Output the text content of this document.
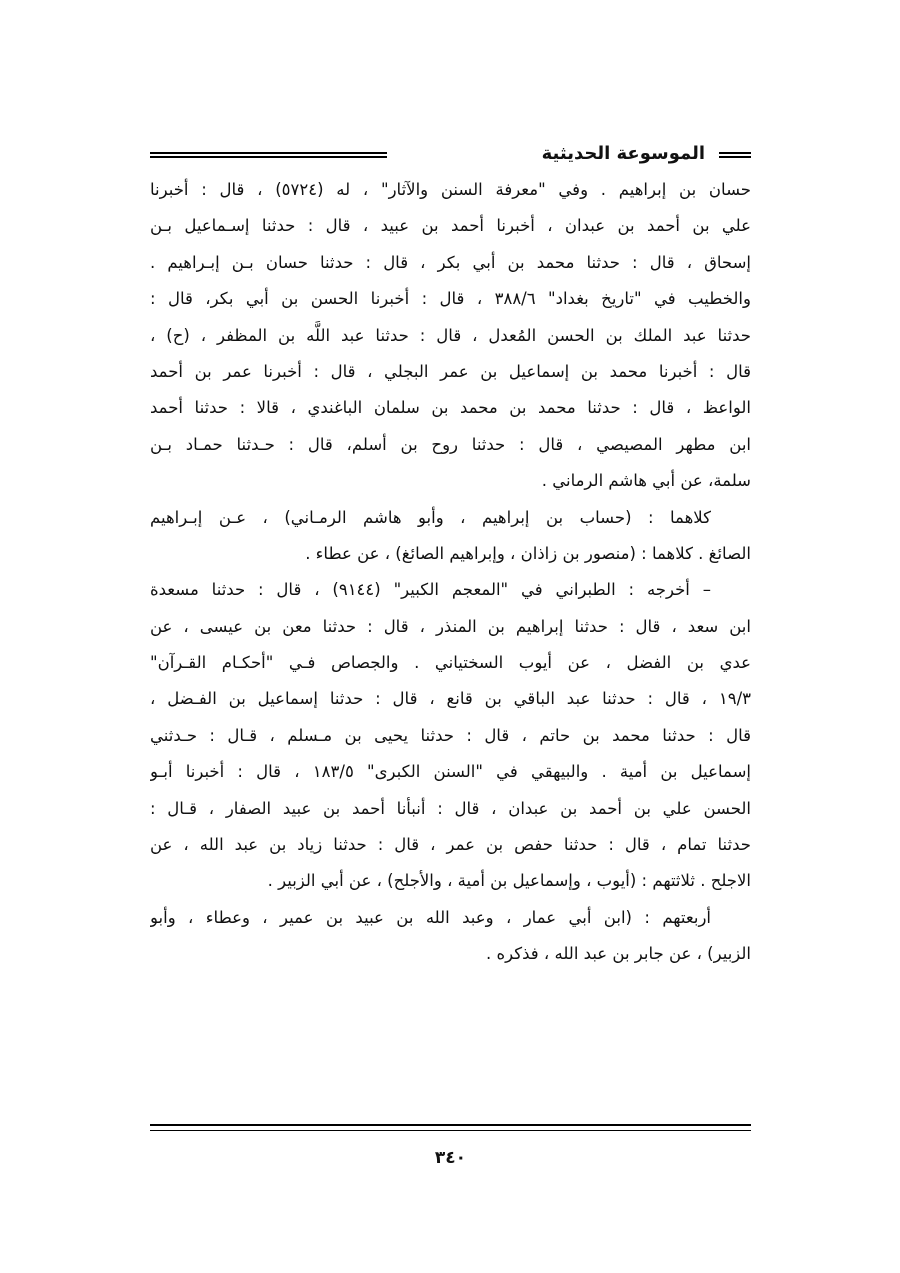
الموسوعة الحديثية
حسان بن إبراهيم . وفي "معرفة السنن والآثار" ، له (٥٧٢٤) ، قال : أخبرنا
علي بن أحمد بن عبدان ، أخبرنا أحمد بن عبيد ، قال : حدثنا إسـماعيل بـن
إسحاق ، قال : حدثنا محمد بن أبي بكر ، قال : حدثنا حسان بـن إبـراهيم .
والخطيب في "تاريخ بغداد" ٣٨٨/٦ ، قال : أخبرنا الحسن بن أبي بكر، قال :
حدثنا عبد الملك بن الحسن المُعدل ، قال : حدثنا عبد اللَّه بن المظفر ، (ح) ،
قال : أخبرنا محمد بن إسماعيل بن عمر البجلي ، قال : أخبرنا عمر بن أحمد
الواعظ ، قال : حدثنا محمد بن محمد بن سلمان الباغندي ، قالا : حدثنا أحمد
ابن مطهر المصيصي ، قال : حدثنا روح بن أسلم، قال : حـدثنا حمـاد بـن
سلمة، عن أبي هاشم الرماني .
كلاهما : (حساب بن إبراهيم ، وأبو هاشم الرمـاني) ، عـن إبـراهيم
الصائغ . كلاهما : (منصور بن زاذان ، وإبراهيم الصائغ) ، عن عطاء .
– أخرجه : الطبراني في "المعجم الكبير" (٩١٤٤) ، قال : حدثنا مسعدة
ابن سعد ، قال : حدثنا إبراهيم بن المنذر ، قال : حدثنا معن بن عيسى ، عن
عدي بن الفضل ، عن أيوب السختياني . والجصاص فـي "أحكـام القـرآن"
١٩/٣ ، قال : حدثنا عبد الباقي بن قانع ، قال : حدثنا إسماعيل بن الفـضل ،
قال : حدثنا محمد بن حاتم ، قال : حدثنا يحيى بن مـسلم ، قـال : حـدثني
إسماعيل بن أمية . والبيهقي في "السنن الكبرى" ١٨٣/٥ ، قال : أخبرنا أبـو
الحسن علي بن أحمد بن عبدان ، قال : أنبأنا أحمد بن عبيد الصفار ، قـال :
حدثنا تمام ، قال : حدثنا حفص بن عمر ، قال : حدثنا زياد بن عبد الله ، عن
الاجلح . ثلاثتهم : (أيوب ، وإسماعيل بن أمية ، والأجلح) ، عن أبي الزبير .
أربعتهم : (ابن أبي عمار ، وعبد الله بن عبيد بن عمير ، وعطاء ، وأبو
الزبير) ، عن جابر بن عبد الله ، فذكره .
٣٤٠
